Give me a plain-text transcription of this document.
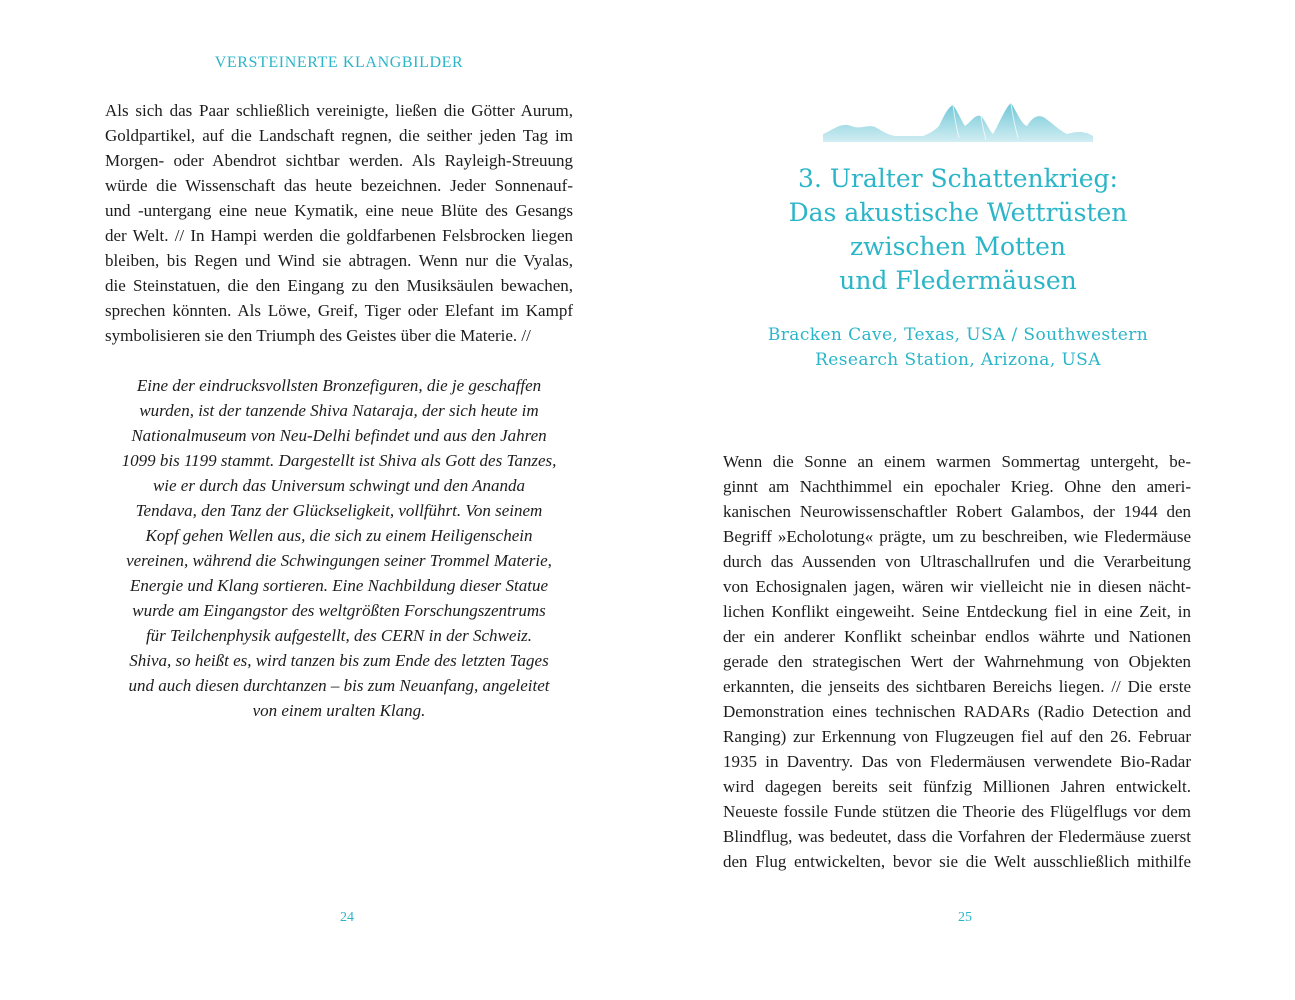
VERSTEINERTE KLANGBILDER

Als sich das Paar schließlich vereinigte, ließen die Götter Aurum,
Goldpartikel, auf die Landschaft regnen, die seither jeden Tag im
Morgen- oder Abendrot sichtbar werden. Als Rayleigh-Streuung
würde die Wissenschaft das heute bezeichnen. Jeder Sonnenauf-
und -untergang eine neue Kymatik, eine neue Blüte des Gesangs
der Welt. // In Hampi werden die goldfarbenen Felsbrocken liegen
bleiben, bis Regen und Wind sie abtragen. Wenn nur die Vyalas,
die Steinstatuen, die den Eingang zu den Musiksäulen bewachen,
sprechen könnten. Als Löwe, Greif, Tiger oder Elefant im Kampf
symbolisieren sie den Triumph des Geistes über die Materie. //

Eine der eindrucksvollsten Bronzefiguren, die je geschaffen
wurden, ist der tanzende Shiva Nataraja, der sich heute im
Nationalmuseum von Neu-Delhi befindet und aus den Jahren
1099 bis 1199 stammt. Dargestellt ist Shiva als Gott des Tanzes,
wie er durch das Universum schwingt und den Ananda
Tendava, den Tanz der Glückseligkeit, vollführt. Von seinem
Kopf gehen Wellen aus, die sich zu einem Heiligenschein
vereinen, während die Schwingungen seiner Trommel Materie,
Energie und Klang sortieren. Eine Nachbildung dieser Statue
wurde am Eingangstor des weltgrößten Forschungszentrums
für Teilchenphysik aufgestellt, des CERN in der Schweiz.
Shiva, so heißt es, wird tanzen bis zum Ende des letzten Tages
und auch diesen durchtanzen – bis zum Neuanfang, angeleitet
von einem uralten Klang.

24
3. Uralter Schattenkrieg:
Das akustische Wettrüsten
zwischen Motten
und Fledermäusen

Bracken Cave, Texas, USA / Southwestern
Research Station, Arizona, USA

Wenn die Sonne an einem warmen Sommertag untergeht, be-
ginnt am Nachthimmel ein epochaler Krieg. Ohne den ameri-
kanischen Neurowissenschaftler Robert Galambos, der 1944 den
Begriff »Echolotung« prägte, um zu beschreiben, wie Fledermäuse
durch das Aussenden von Ultraschallrufen und die Verarbeitung
von Echosignalen jagen, wären wir vielleicht nie in diesen nächt-
lichen Konflikt eingeweiht. Seine Entdeckung fiel in eine Zeit, in
der ein anderer Konflikt scheinbar endlos währte und Nationen
gerade den strategischen Wert der Wahrnehmung von Objekten
erkannten, die jenseits des sichtbaren Bereichs liegen. // Die erste
Demonstration eines technischen RADARs (Radio Detection and
Ranging) zur Erkennung von Flugzeugen fiel auf den 26. Februar
1935 in Daventry. Das von Fledermäusen verwendete Bio-Radar
wird dagegen bereits seit fünfzig Millionen Jahren entwickelt.
Neueste fossile Funde stützen die Theorie des Flügelflugs vor dem
Blindflug, was bedeutet, dass die Vorfahren der Fledermäuse zuerst
den Flug entwickelten, bevor sie die Welt ausschließlich mithilfe

25
